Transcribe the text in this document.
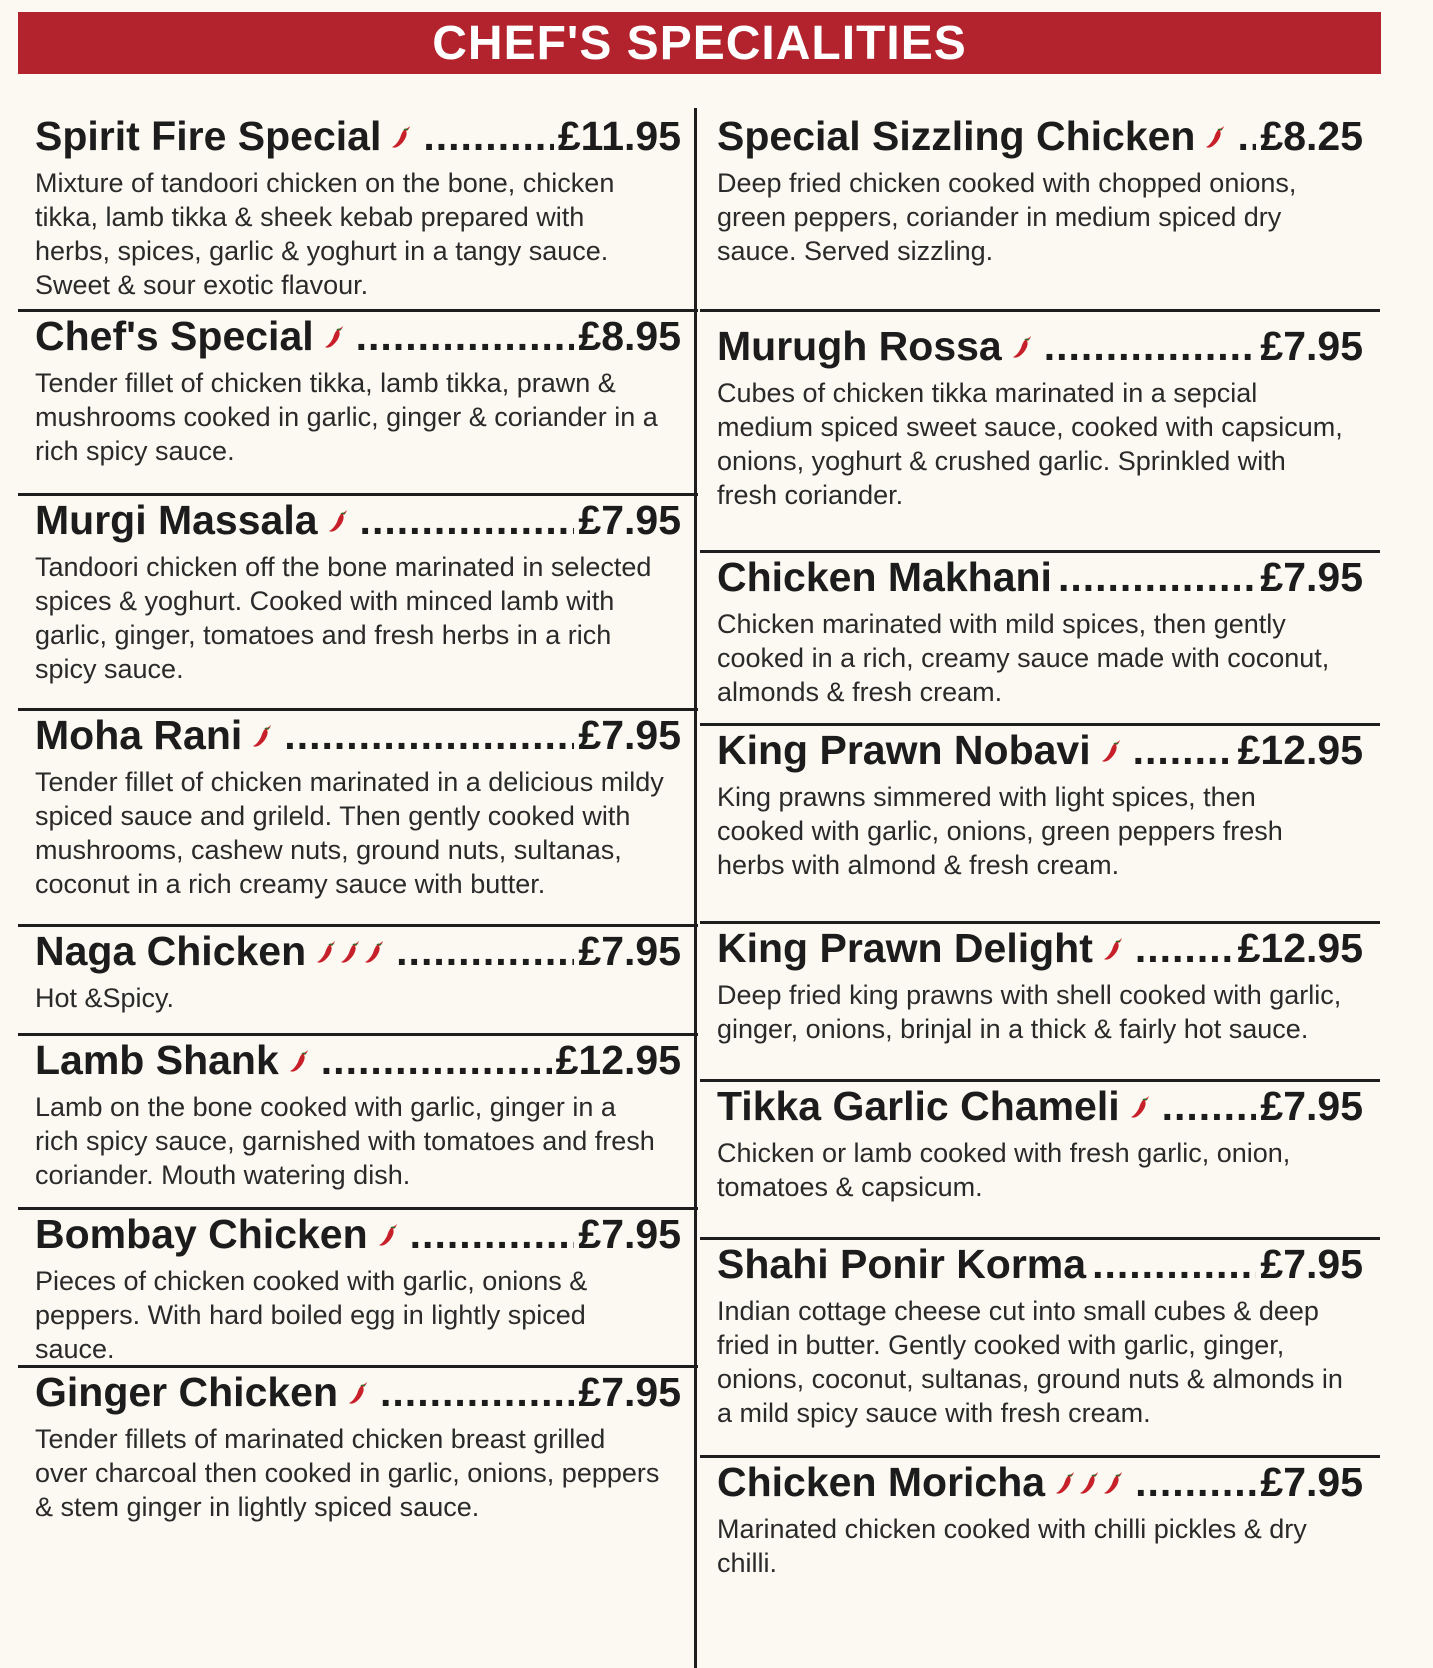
CHEF'S SPECIALITIES
Spirit Fire Special .....	£11.95
Mixture of tandoori chicken on the bone, chicken tikka, lamb tikka & sheek kebab prepared with herbs, spices, garlic & yoghurt in a tangy sauce. Sweet & sour exotic flavour.
Chef's Special .....	£8.95
Tender fillet of chicken tikka, lamb tikka, prawn & mushrooms cooked in garlic, ginger & coriander in a rich spicy sauce.
Murgi Massala .....	£7.95
Tandoori chicken off the bone marinated in selected spices & yoghurt. Cooked with minced lamb with garlic, ginger, tomatoes and fresh herbs in a rich spicy sauce.
Moha Rani .....	£7.95
Tender fillet of chicken marinated in a delicious mildy spiced sauce and grileld. Then gently cooked with mushrooms, cashew nuts, ground nuts, sultanas, coconut in a rich creamy sauce with butter.
Naga Chicken .....	£7.95
Hot &Spicy.
Lamb Shank .....	£12.95
Lamb on the bone cooked with garlic, ginger in a rich spicy sauce, garnished with tomatoes and fresh coriander. Mouth watering dish.
Bombay Chicken .....	£7.95
Pieces of chicken cooked with garlic, onions & peppers. With hard boiled egg in lightly spiced sauce.
Ginger Chicken .....	£7.95
Tender fillets of marinated chicken breast grilled over charcoal then cooked in garlic, onions, peppers & stem ginger in lightly spiced sauce.
Special Sizzling Chicken ..... £8.25
Deep fried chicken cooked with chopped onions, green peppers, coriander in medium spiced dry sauce. Served sizzling.
Murugh Rossa .....	£7.95
Cubes of chicken tikka marinated in a sepcial medium spiced sweet sauce, cooked with capsicum, onions, yoghurt & crushed garlic. Sprinkled with fresh coriander.
Chicken Makhani .....	£7.95
Chicken marinated with mild spices, then gently cooked in a rich, creamy sauce made with coconut, almonds & fresh cream.
King Prawn Nobavi .....	£12.95
King prawns simmered with light spices, then cooked with garlic, onions, green peppers fresh herbs with almond & fresh cream.
King Prawn Delight .....	£12.95
Deep fried king prawns with shell cooked with garlic, ginger, onions, brinjal in a thick & fairly hot sauce.
Tikka Garlic Chameli .....	£7.95
Chicken or lamb cooked with fresh garlic, onion, tomatoes & capsicum.
Shahi Ponir Korma .....	£7.95
Indian cottage cheese cut into small cubes & deep fried in butter. Gently cooked with garlic, ginger, onions, coconut, sultanas, ground nuts & almonds in a mild spicy sauce with fresh cream.
Chicken Moricha .....	£7.95
Marinated chicken cooked with chilli pickles & dry chilli.
